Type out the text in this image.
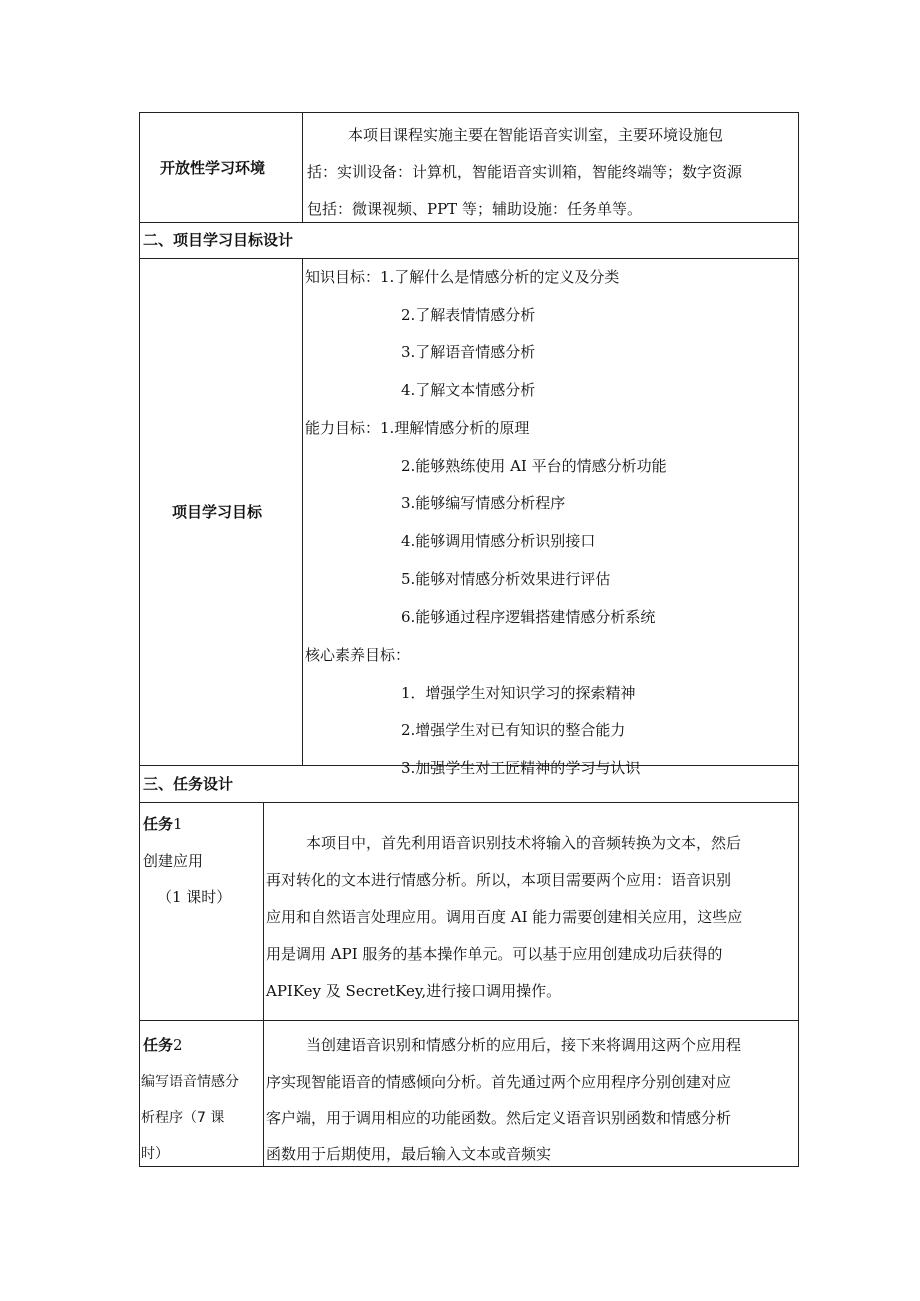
开放性学习环境
本项目课程实施主要在智能语音实训室，主要环境设施包
括：实训设备：计算机，智能语音实训箱，智能终端等；数字资源
包括：微课视频、PPT 等；辅助设施：任务单等。
二、项目学习目标设计
项目学习目标
知识目标：1.了解什么是情感分析的定义及分类
2.了解表情情感分析
3.了解语音情感分析
4.了解文本情感分析
能力目标：1.理解情感分析的原理
2.能够熟练使用 AI 平台的情感分析功能
3.能够编写情感分析程序
4.能够调用情感分析识别接口
5.能够对情感分析效果进行评估
6.能够通过程序逻辑搭建情感分析系统
核心素养目标：
1．增强学生对知识学习的探索精神
2.增强学生对已有知识的整合能力
3.加强学生对工匠精神的学习与认识
三、任务设计
任务1
创建应用
（1 课时）
本项目中，首先利用语音识别技术将输入的音频转换为文本，然后
再对转化的文本进行情感分析。所以，本项目需要两个应用：语音识别
应用和自然语言处理应用。调用百度 AI 能力需要创建相关应用，这些应
用是调用 API 服务的基本操作单元。可以基于应用创建成功后获得的
APIKey 及 SecretKey,进行接口调用操作。
任务2
编写语音情感分
析程序（7 课
时）
当创建语音识别和情感分析的应用后，接下来将调用这两个应用程
序实现智能语音的情感倾向分析。首先通过两个应用程序分别创建对应
客户端，用于调用相应的功能函数。然后定义语音识别函数和情感分析
函数用于后期使用，最后输入文本或音频实
